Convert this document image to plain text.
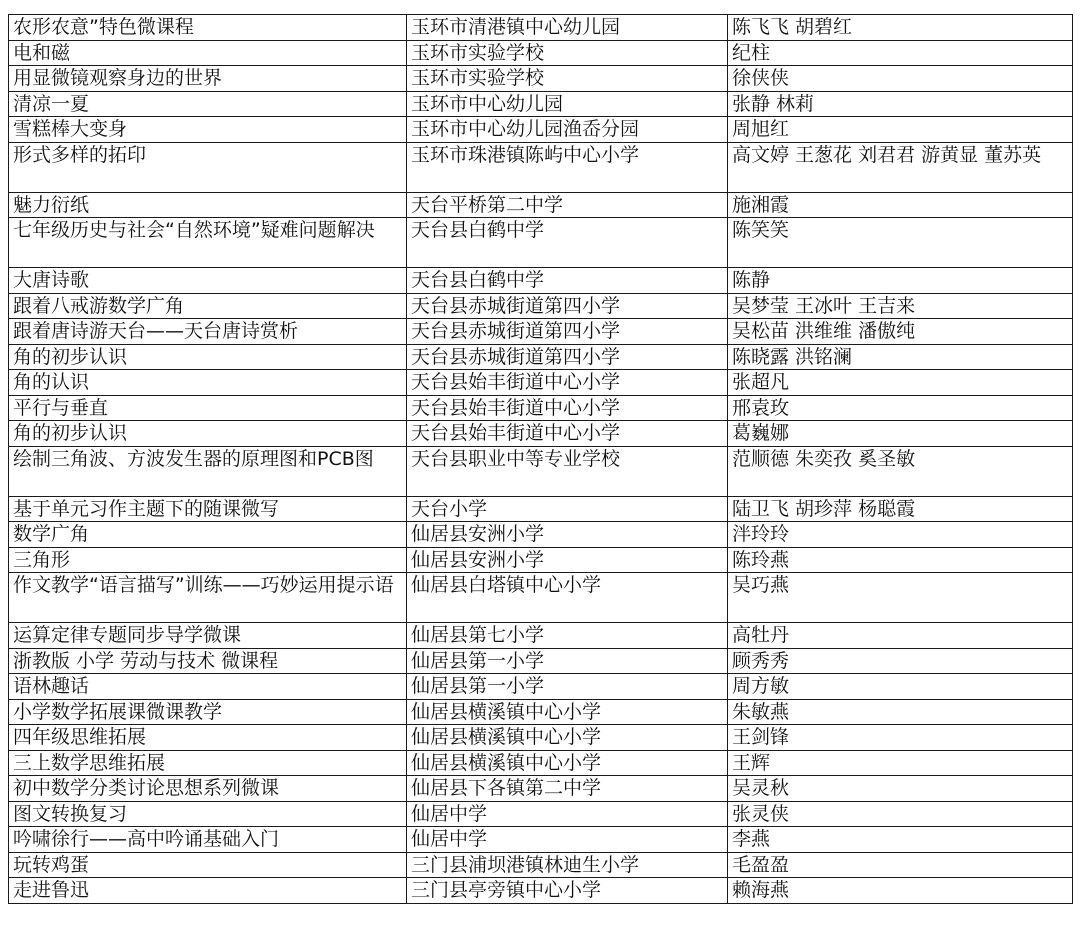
农形农意”特色微课程	玉环市清港镇中心幼儿园	陈飞飞 胡碧红
电和磁	玉环市实验学校	纪柱
用显微镜观察身边的世界	玉环市实验学校	徐侠侠
清凉一夏	玉环市中心幼儿园	张静 林莉
雪糕棒大变身	玉环市中心幼儿园渔岙分园	周旭红
形式多样的拓印	玉环市珠港镇陈屿中心小学	高文婷 王葱花 刘君君 游黄显 董苏英
魅力衍纸	天台平桥第二中学	施湘霞
七年级历史与社会“自然环境”疑难问题解决	天台县白鹤中学	陈笑笑
大唐诗歌	天台县白鹤中学	陈静
跟着八戒游数学广角	天台县赤城街道第四小学	吴梦莹 王冰叶 王吉来
跟着唐诗游天台——天台唐诗赏析	天台县赤城街道第四小学	吴松苗 洪维维 潘傲纯
角的初步认识	天台县赤城街道第四小学	陈晓露 洪铭澜
角的认识	天台县始丰街道中心小学	张超凡
平行与垂直	天台县始丰街道中心小学	邢袁玫
角的初步认识	天台县始丰街道中心小学	葛巍娜
绘制三角波、方波发生器的原理图和PCB图	天台县职业中等专业学校	范顺德 朱奕孜 奚圣敏
基于单元习作主题下的随课微写	天台小学	陆卫飞 胡珍萍 杨聪霞
数学广角	仙居县安洲小学	泮玲玲
三角形	仙居县安洲小学	陈玲燕
作文教学“语言描写”训练——巧妙运用提示语	仙居县白塔镇中心小学	吴巧燕
运算定律专题同步导学微课	仙居县第七小学	高牡丹
浙教版 小学 劳动与技术 微课程	仙居县第一小学	顾秀秀
语林趣话	仙居县第一小学	周方敏
小学数学拓展课微课教学	仙居县横溪镇中心小学	朱敏燕
四年级思维拓展	仙居县横溪镇中心小学	王剑锋
三上数学思维拓展	仙居县横溪镇中心小学	王辉
初中数学分类讨论思想系列微课	仙居县下各镇第二中学	吴灵秋
图文转换复习	仙居中学	张灵侠
吟啸徐行——高中吟诵基础入门	仙居中学	李燕
玩转鸡蛋	三门县浦坝港镇林迪生小学	毛盈盈
走进鲁迅	三门县亭旁镇中心小学	赖海燕
